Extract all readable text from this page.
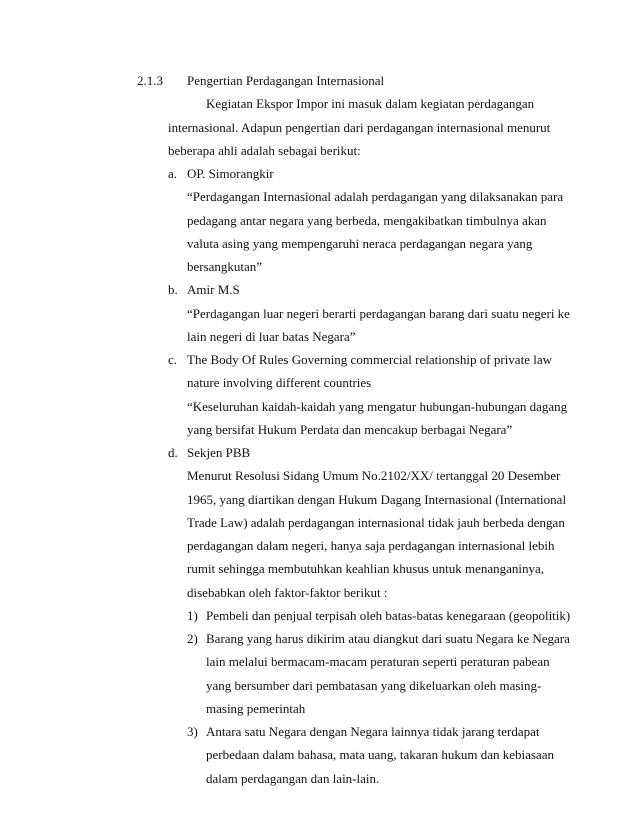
2.1.3 Pengertian Perdagangan Internasional
Kegiatan Ekspor Impor ini masuk dalam kegiatan perdagangan
internasional. Adapun pengertian dari perdagangan internasional menurut
beberapa ahli adalah sebagai berikut:
a. OP. Simorangkir
“Perdagangan Internasional adalah perdagangan yang dilaksanakan para
pedagang antar negara yang berbeda, mengakibatkan timbulnya akan
valuta asing yang mempengaruhi neraca perdagangan negara yang
bersangkutan”
b. Amir M.S
“Perdagangan luar negeri berarti perdagangan barang dari suatu negeri ke
lain negeri di luar batas Negara”
c. The Body Of Rules Governing commercial relationship of private law
nature involving different countries
“Keseluruhan kaidah-kaidah yang mengatur hubungan-hubungan dagang
yang bersifat Hukum Perdata dan mencakup berbagai Negara”
d. Sekjen PBB
Menurut Resolusi Sidang Umum No.2102/XX/ tertanggal 20 Desember
1965, yang diartikan dengan Hukum Dagang Internasional (International
Trade Law) adalah perdagangan internasional tidak jauh berbeda dengan
perdagangan dalam negeri, hanya saja perdagangan internasional lebih
rumit sehingga membutuhkan keahlian khusus untuk menanganinya,
disebabkan oleh faktor-faktor berikut :
1) Pembeli dan penjual terpisah oleh batas-batas kenegaraan (geopolitik)
2) Barang yang harus dikirim atau diangkut dari suatu Negara ke Negara
lain melalui bermacam-macam peraturan seperti peraturan pabean
yang bersumber dari pembatasan yang dikeluarkan oleh masing-
masing pemerintah
3) Antara satu Negara dengan Negara lainnya tidak jarang terdapat
perbedaan dalam bahasa, mata uang, takaran hukum dan kebiasaan
dalam perdagangan dan lain-lain.
